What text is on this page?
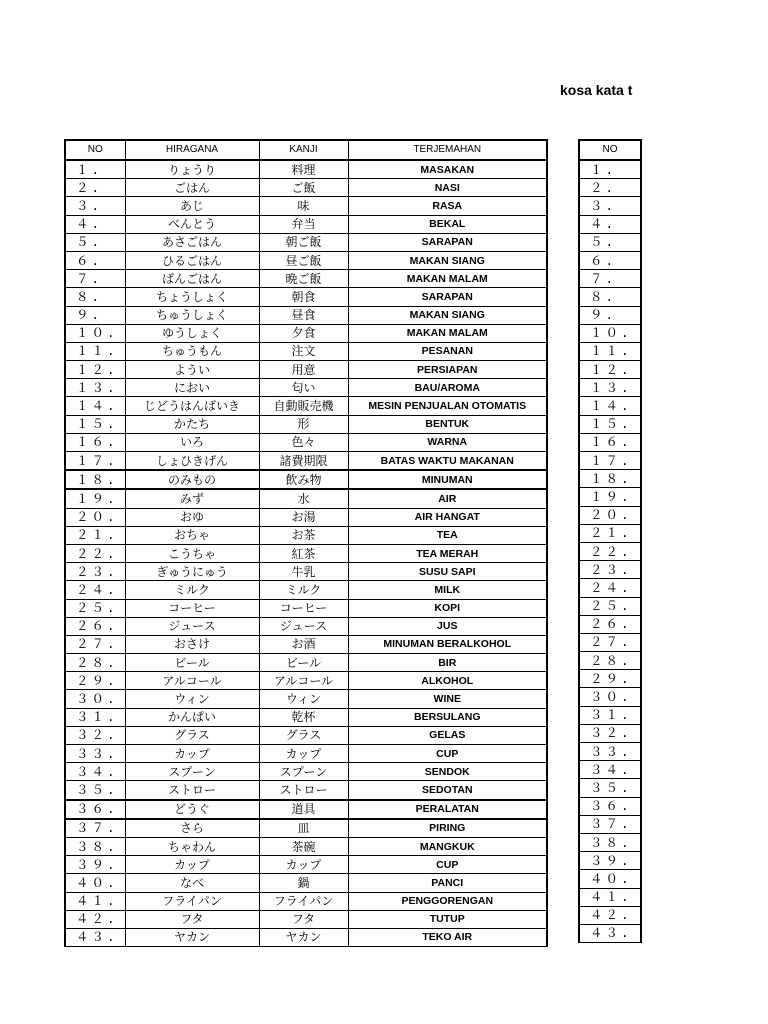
kosa kata t
NO	HIRAGANA	KANJI	TERJEMAHAN
１.	りょうり	料理	MASAKAN
２.	ごはん	ご飯	NASI
３.	あじ	味	RASA
４.	べんとう	弁当	BEKAL
５.	あさごはん	朝ご飯	SARAPAN
６.	ひるごはん	昼ご飯	MAKAN SIANG
７.	ばんごはん	晩ご飯	MAKAN MALAM
８.	ちょうしょく	朝食	SARAPAN
９.	ちゅうしょく	昼食	MAKAN SIANG
１０.	ゆうしょく	夕食	MAKAN MALAM
１１.	ちゅうもん	注文	PESANAN
１２.	ようい	用意	PERSIAPAN
１３.	におい	匂い	BAU/AROMA
１４.	じどうはんばいき	自動販売機	MESIN PENJUALAN OTOMATIS
１５.	かたち	形	BENTUK
１６.	いろ	色々	WARNA
１７.	しょひきげん	諸費期限	BATAS WAKTU MAKANAN
１８.	のみもの	飲み物	MINUMAN
１９.	みず	水	AIR
２０.	おゆ	お湯	AIR HANGAT
２１.	おちゃ	お茶	TEA
２２.	こうちゃ	紅茶	TEA MERAH
２３.	ぎゅうにゅう	牛乳	SUSU SAPI
２４.	ミルク	ミルク	MILK
２５.	コーヒー	コーヒー	KOPI
２６.	ジュース	ジュース	JUS
２７.	おさけ	お酒	MINUMAN BERALKOHOL
２８.	ビール	ビール	BIR
２９.	アルコール	アルコール	ALKOHOL
３０.	ウィン	ウィン	WINE
３１.	かんぱい	乾杯	BERSULANG
３２.	グラス	グラス	GELAS
３３.	カップ	カップ	CUP
３４.	スプーン	スプーン	SENDOK
３５.	ストロー	ストロー	SEDOTAN
３６.	どうぐ	道具	PERALATAN
３７.	さら	皿	PIRING
３８.	ちゃわん	茶碗	MANGKUK
３９.	カップ	カップ	CUP
４０.	なべ	鍋	PANCI
４１.	フライパン	フライパン	PENGGORENGAN
４２.	フタ	フタ	TUTUP
４３.	ヤカン	ヤカン	TEKO AIR
NO
１.
２.
３.
４.
５.
６.
７.
８.
９.
１０.
１１.
１２.
１３.
１４.
１５.
１６.
１７.
１８.
１９.
２０.
２１.
２２.
２３.
２４.
２５.
２６.
２７.
２８.
２９.
３０.
３１.
３２.
３３.
３４.
３５.
３６.
３７.
３８.
３９.
４０.
４１.
４２.
４３.
